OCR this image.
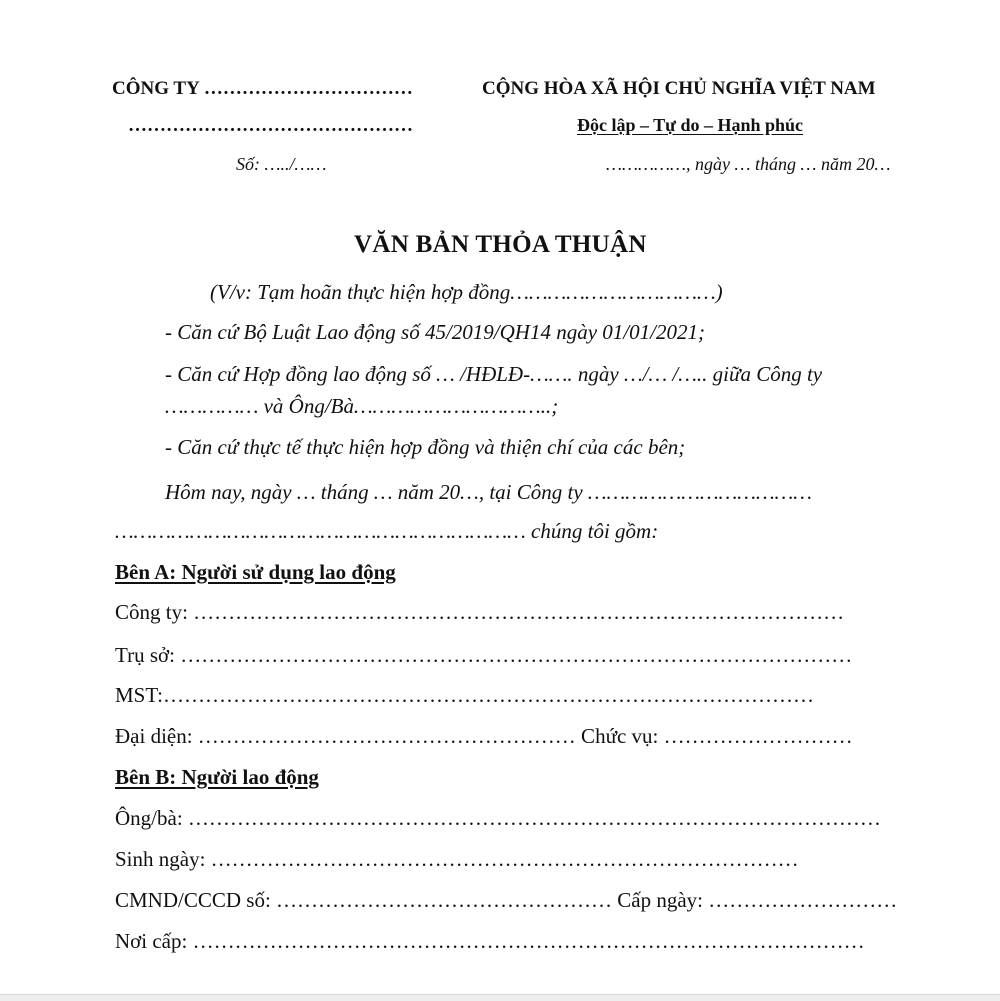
CÔNG TY ……………………………
………………………………………
Số: …../……
CỘNG HÒA XÃ HỘI CHỦ NGHĨA VIỆT NAM
Độc lập – Tự do – Hạnh phúc
……………, ngày … tháng … năm 20…
VĂN BẢN THỎA THUẬN
(V/v: Tạm hoãn thực hiện hợp đồng……………………………)
- Căn cứ Bộ Luật Lao động số 45/2019/QH14 ngày 01/01/2021;
- Căn cứ Hợp đồng lao động số … /HĐLĐ-……. ngày …/… /….. giữa Công ty
…………… và Ông/Bà…………………………..;
- Căn cứ thực tế thực hiện hợp đồng và thiện chí của các bên;
Hôm nay, ngày … tháng … năm 20…, tại Công ty ………………………………
………………………………………………………… chúng tôi gồm:
Bên A: Người sử dụng lao động
Công ty: …………………………………………………………………………………
Trụ sở: ……………………………………………………………………………………
MST:…………………………………………………………………………………
Đại diện: ……………………………………………… Chức vụ: ………………………
Bên B: Người lao động
Ông/bà: ………………………………………………………………………………………
Sinh ngày: …………………………………………………………………………
CMND/CCCD số: ………………………………………… Cấp ngày: ………………………
Nơi cấp: ……………………………………………………………………………………
